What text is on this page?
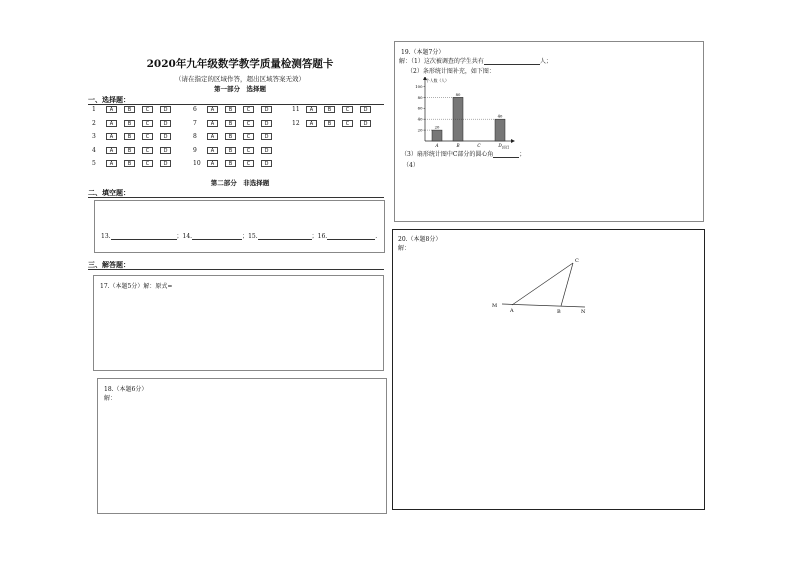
2020年九年级数学教学质量检测答题卡
（请在指定的区域作答，超出区域答案无效）
第一部分　选择题
一、选择题：
1	A	B	C	D
2	A	B	C	D
3	A	B	C	D
4	A	B	C	D
5	A	B	C	D
6	A	B	C	D
7	A	B	C	D
8	A	B	C	D
9	A	B	C	D
10	A	B	C	D
11	A	B	C	D
12	A	B	C	D
第二部分　非选择题
二、填空题：
13.	；14.	；15.	；16.	.
三、解答题：
17.（本题5分）解：原式=
18.（本题6分）
解：
19.（本题7分）
解：（1）这次被调查的学生共有	人；
（2）条形统计图补充，如下图：
个人数（人）
项目
20
40
60
80
100
20
A
80
B	C
40
D
（3）扇形统计图中C部分的圆心角	；
（4）
20.（本题8分）
解：
C
M
A	B	N
